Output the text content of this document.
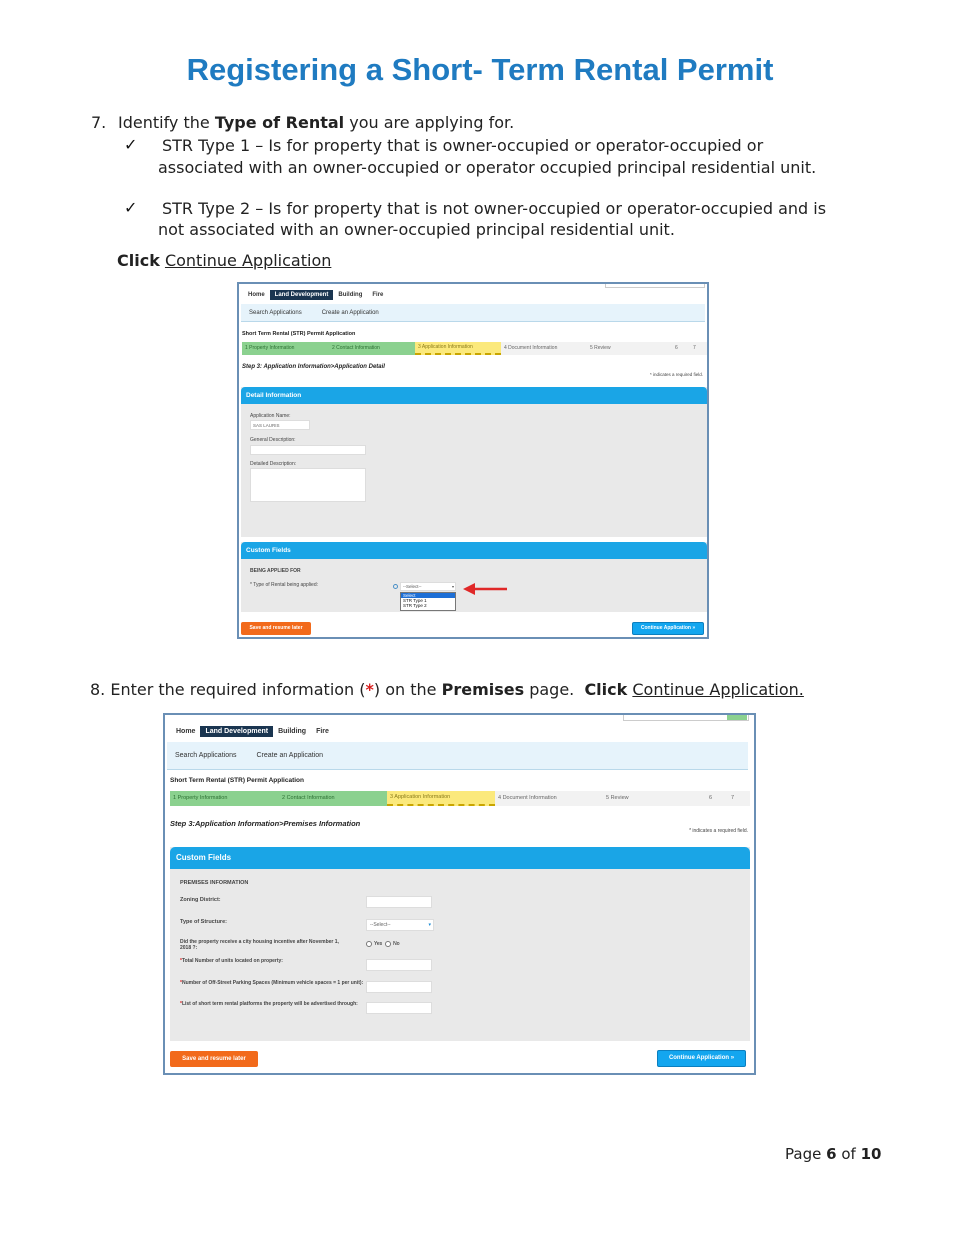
Registering a Short- Term Rental Permit
7. Identify the Type of Rental you are applying for.
✓ STR Type 1 – Is for property that is owner-occupied or operator-occupied or
associated with an owner-occupied or operator occupied principal residential unit.
✓ STR Type 2 – Is for property that is not owner-occupied or operator-occupied and is
not associated with an owner-occupied principal residential unit.
Click Continue Application
Home	Land Development	Building	Fire
Search Applications	Create an Application
Short Term Rental (STR) Permit Application
1 Property Information	2 Contact Information	3 Application Information	4 Document Information	5 Review	6	7
Step 3: Application Information>Application Detail
* indicates a required field.
Detail Information
Application Name:
SAS LAURIS
General Description:
Detailed Description:
Custom Fields
BEING APPLIED FOR
* Type of Rental being applied:	--Select--	▾
Select
STR Type 1
STR Type 2
Save and resume later	Continue Application »
8. Enter the required information (*) on the Premises page.  Click Continue Application.
Home	Land Development	Building	Fire
Search Applications	Create an Application
Short Term Rental (STR) Permit Application
1 Property Information	2 Contact Information	3 Application Information	4 Document Information	5 Review	6	7
Step 3:Application Information>Premises Information
* indicates a required field.
Custom Fields
PREMISES INFORMATION
Zoning District:
Type of Structure:	--Select--	▾
Did the property receive a city housing incentive after November 1, 2018 ?:
Yes No
*Total Number of units located on property:
*Number of Off-Street Parking Spaces (Minimum vehicle spaces = 1 per unit):
*List of short term rental platforms the property will be advertised through:
Save and resume later	Continue Application »
Page 6 of 10
